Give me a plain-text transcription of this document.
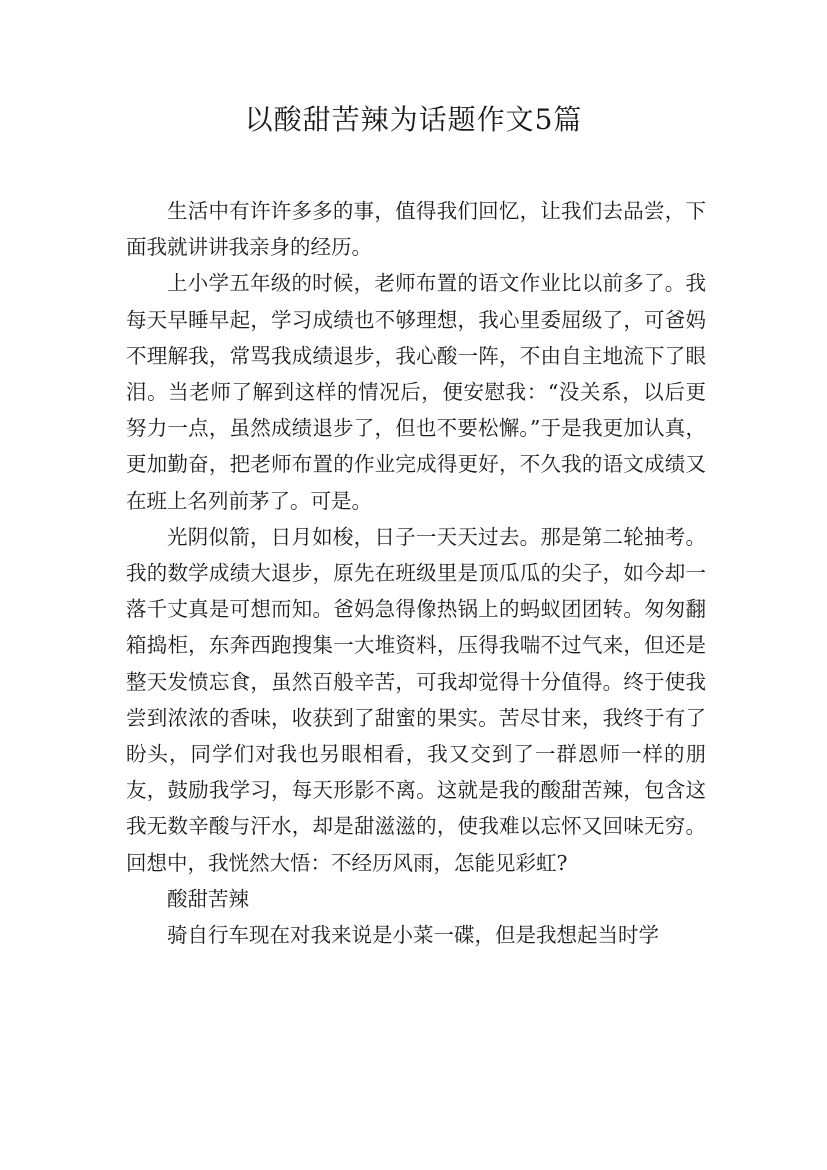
以酸甜苦辣为话题作文5篇

生活中有许许多多的事，值得我们回忆，让我们去品尝，下面我就讲讲我亲身的经历。

上小学五年级的时候，老师布置的语文作业比以前多了。我每天早睡早起，学习成绩也不够理想，我心里委屈级了，可爸妈不理解我，常骂我成绩退步，我心酸一阵，不由自主地流下了眼泪。当老师了解到这样的情况后，便安慰我：“没关系，以后更努力一点，虽然成绩退步了，但也不要松懈。”于是我更加认真，更加勤奋，把老师布置的作业完成得更好，不久我的语文成绩又在班上名列前茅了。可是。

光阴似箭，日月如梭，日子一天天过去。那是第二轮抽考。我的数学成绩大退步，原先在班级里是顶瓜瓜的尖子，如今却一落千丈真是可想而知。爸妈急得像热锅上的蚂蚁团团转。匆匆翻箱捣柜，东奔西跑搜集一大堆资料，压得我喘不过气来，但还是整天发愤忘食，虽然百般辛苦，可我却觉得十分值得。终于使我尝到浓浓的香味，收获到了甜蜜的果实。苦尽甘来，我终于有了盼头，同学们对我也另眼相看，我又交到了一群恩师一样的朋友，鼓励我学习，每天形影不离。这就是我的酸甜苦辣，包含这我无数辛酸与汗水，却是甜滋滋的，使我难以忘怀又回味无穷。回想中，我恍然大悟：不经历风雨，怎能见彩虹?

酸甜苦辣

骑自行车现在对我来说是小菜一碟，但是我想起当时学
